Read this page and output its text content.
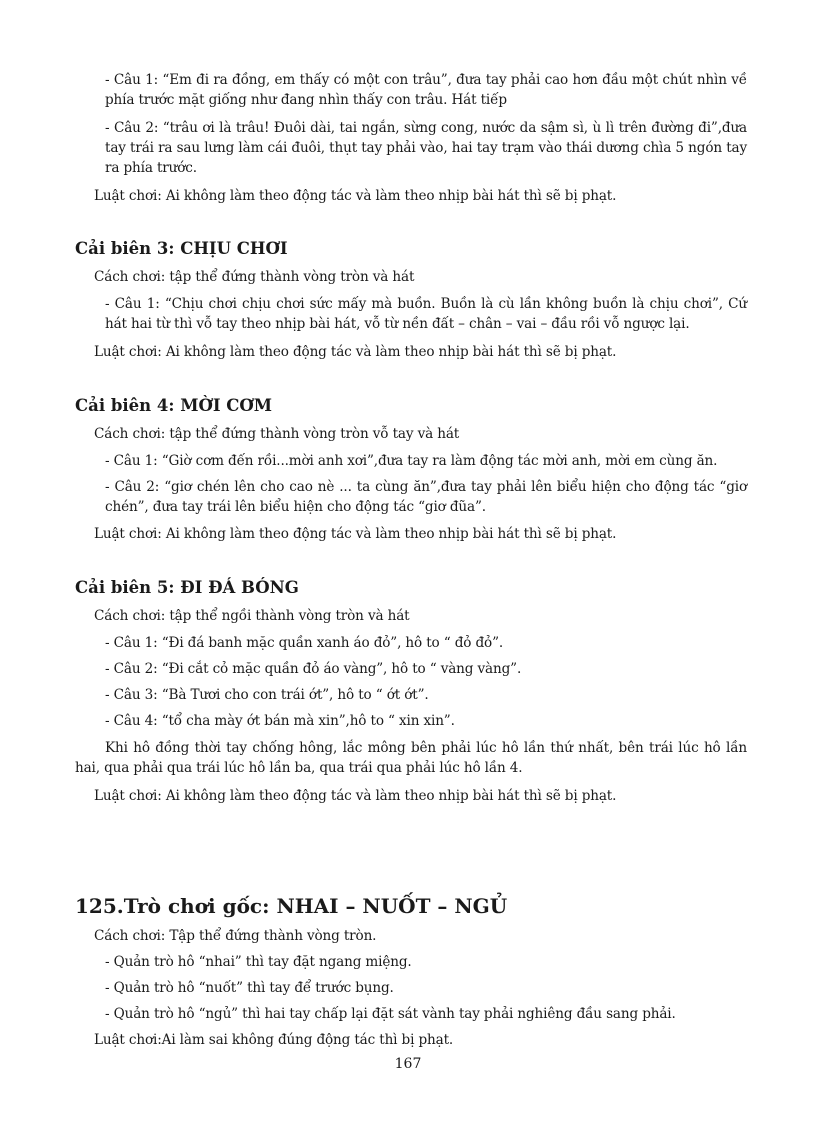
- Câu 1: “Em đi ra đồng, em thấy có một con trâu”, đưa tay phải cao hơn đầu một chút nhìn về phía trước mặt giống như đang nhìn thấy con trâu. Hát tiếp

- Câu 2: “trâu ơi là trâu! Đuôi dài, tai ngắn, sừng cong, nước da sậm sì, ù lì trên đường đi”,đưa tay trái ra sau lưng làm cái đuôi, thụt tay phải vào, hai tay trạm vào thái dương chìa 5 ngón tay ra phía trước.

Luật chơi: Ai không làm theo động tác và làm theo nhịp bài hát thì sẽ bị phạt.

Cải biên 3: CHỊU CHƠI

Cách chơi: tập thể đứng thành vòng tròn và hát

- Câu 1: “Chịu chơi chịu chơi sức mấy mà buồn. Buồn là cù lần không buồn là chịu chơi”, Cứ hát hai từ thì vỗ tay theo nhịp bài hát, vỗ từ nền đất – chân – vai – đầu rồi vỗ ngược lại.

Luật chơi: Ai không làm theo động tác và làm theo nhịp bài hát thì sẽ bị phạt.

Cải biên 4: MỜI CƠM

Cách chơi: tập thể đứng thành vòng tròn vỗ tay và hát

- Câu 1: “Giờ cơm đến rồi...mời anh xơi”,đưa tay ra làm động tác mời anh, mời em cùng ăn.

- Câu 2: “giơ chén lên cho cao nè ... ta cùng ăn”,đưa tay phải lên biểu hiện cho động tác “giơ chén”, đưa tay trái lên biểu hiện cho động tác “giơ đũa”.

Luật chơi: Ai không làm theo động tác và làm theo nhịp bài hát thì sẽ bị phạt.

Cải biên 5: ĐI ĐÁ BÓNG

Cách chơi: tập thể ngồi thành vòng tròn và hát

- Câu 1: “Đi đá banh mặc quần xanh áo đỏ”, hô to “ đỏ đỏ”.

- Câu 2: “Đi cắt cỏ mặc quần đỏ áo vàng”, hô to “ vàng vàng”.

- Câu 3: “Bà Tươi cho con trái ớt”, hô to “ ớt ớt”.

- Câu 4: “tổ cha mày ớt bán mà xin”,hô to “ xin xin”.

Khi hô đồng thời tay chống hông, lắc mông bên phải lúc hô lần thứ nhất, bên trái lúc hô lần hai, qua phải qua trái lúc hô lần ba, qua trái qua phải lúc hô lần 4.

Luật chơi: Ai không làm theo động tác và làm theo nhịp bài hát thì sẽ bị phạt.

125.Trò chơi gốc: NHAI – NUỐT – NGỦ

Cách chơi: Tập thể đứng thành vòng tròn.

- Quản trò hô “nhai” thì tay đặt ngang miệng.

- Quản trò hô “nuốt” thì tay để trước bụng.

- Quản trò hô “ngủ” thì hai tay chấp lại đặt sát vành tay phải nghiêng đầu sang phải.

Luật chơi:Ai làm sai không đúng động tác thì bị phạt.

167
